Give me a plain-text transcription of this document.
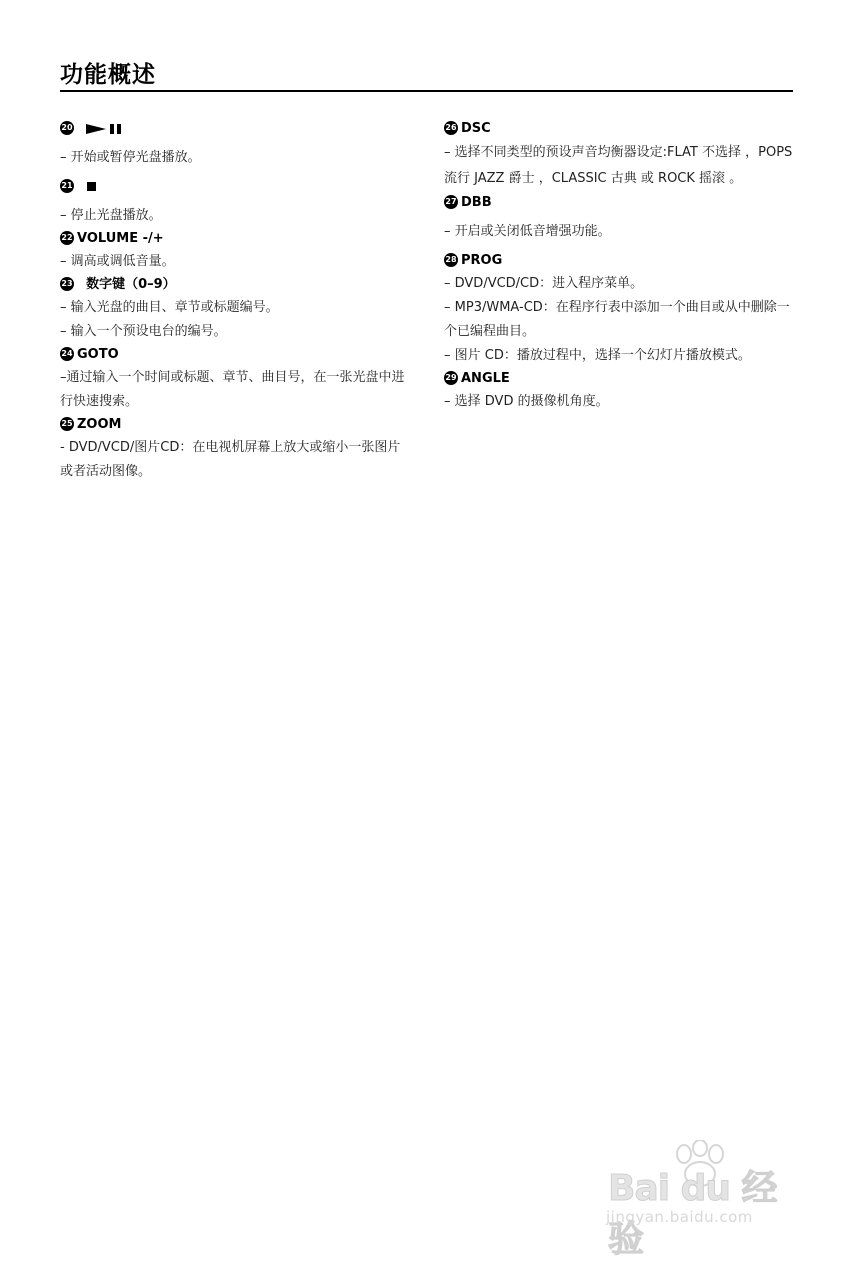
功能概述
20
– 开始或暂停光盘播放。
21
– 停止光盘播放。
22 VOLUME -/+
– 调高或调低音量。
23 数字键（0–9）
– 输入光盘的曲目、章节或标题编号。
– 输入一个预设电台的编号。
24 GOTO
–通过输入一个时间或标题、章节、曲目号，在一张光盘中进行快速搜索。
25 ZOOM
- DVD/VCD/图片CD：在电视机屏幕上放大或缩小一张图片或者活动图像。
26 DSC
– 选择不同类型的预设声音均衡器设定:FLAT 不选择 ，POPS 流行 JAZZ 爵士 ，CLASSIC 古典 或 ROCK 摇滚 。
27 DBB
– 开启或关闭低音增强功能。
28 PROG
– DVD/VCD/CD：进入程序菜单。
– MP3/WMA-CD：在程序行表中添加一个曲目或从中删除一个已编程曲目。
– 图片 CD：播放过程中，选择一个幻灯片播放模式。
29 ANGLE
– 选择 DVD 的摄像机角度。
Bai du 经验
jingyan.baidu.com
